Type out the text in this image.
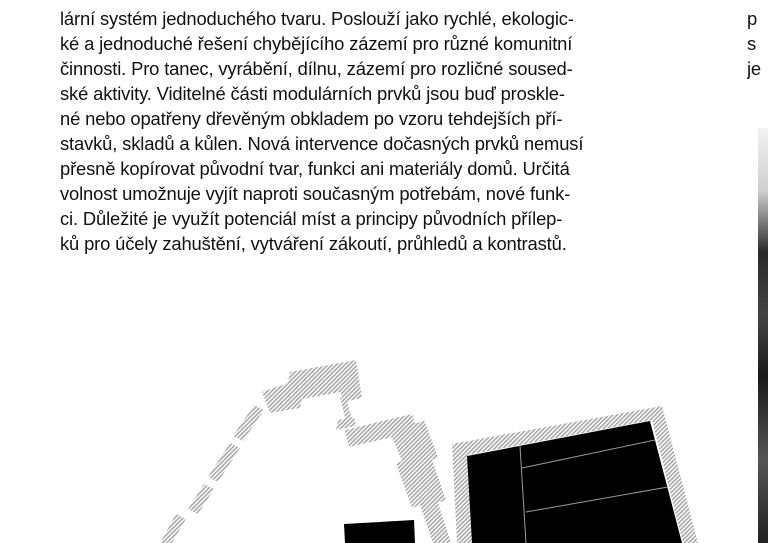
lární systém jednoduchého tvaru. Poslouží jako rychlé, ekologic-
ké a jednoduché řešení chybějícího zázemí pro různé komunitní
činnosti. Pro tanec, vyrábění, dílnu, zázemí pro rozličné soused-
ské aktivity. Viditelné části modulárních prvků jsou buď proskle-
né nebo opatřeny dřevěným obkladem po vzoru tehdejších pří-
stavků, skladů a kůlen. Nová intervence dočasných prvků nemusí
přesně kopírovat původní tvar, funkci ani materiály domů. Určitá
volnost umožnuje vyjít naproti současným potřebám, nové funk-
ci. Důležité je využít potenciál míst a principy původních přílep-
ků pro účely zahuštění, vytváření zákoutí, průhledů a kontrastů.
p
s
je
